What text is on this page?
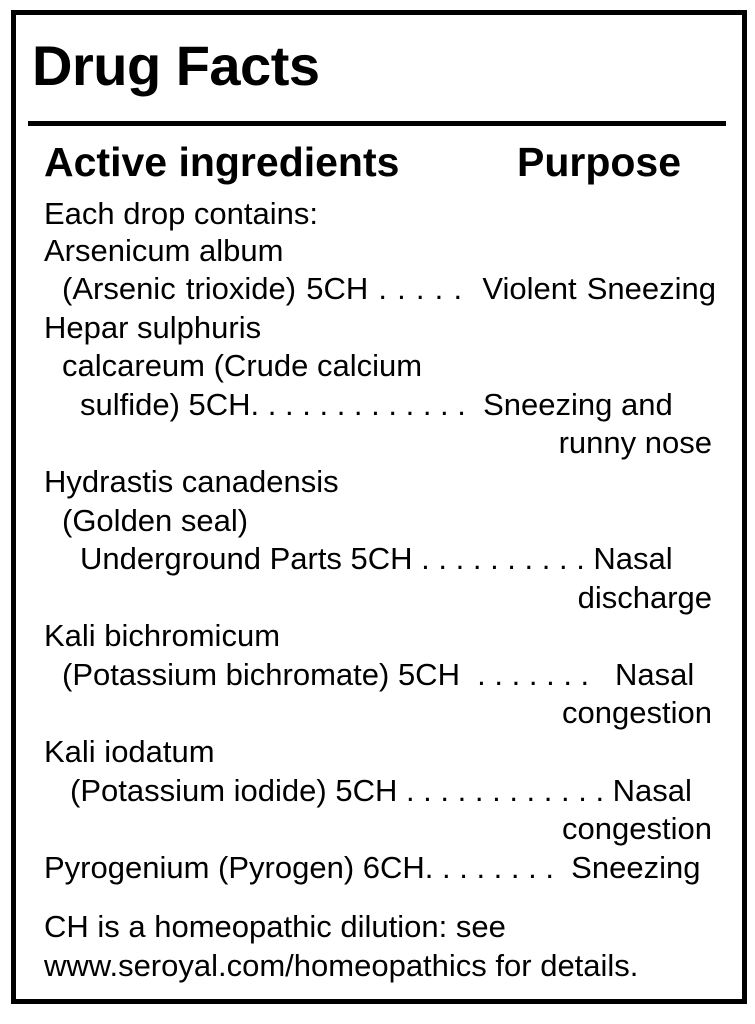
Drug Facts
Active ingredients	Purpose
Each drop contains:
Arsenicum album
(Arsenic trioxide) 5CH . . . . .  Violent Sneezing
Hepar sulphuris
calcareum (Crude calcium
sulfide) 5CH. . . . . . . . . . . . .  Sneezing and
runny nose
Hydrastis canadensis
(Golden seal)
Underground Parts 5CH . . . . . . . . . . Nasal
discharge
Kali bichromicum
(Potassium bichromate) 5CH  . . . . . . .   Nasal
congestion
Kali iodatum
(Potassium iodide) 5CH . . . . . . . . . . . . Nasal
congestion
Pyrogenium (Pyrogen) 6CH. . . . . . . .  Sneezing
CH is a homeopathic dilution: see
www.seroyal.com/homeopathics for details.
